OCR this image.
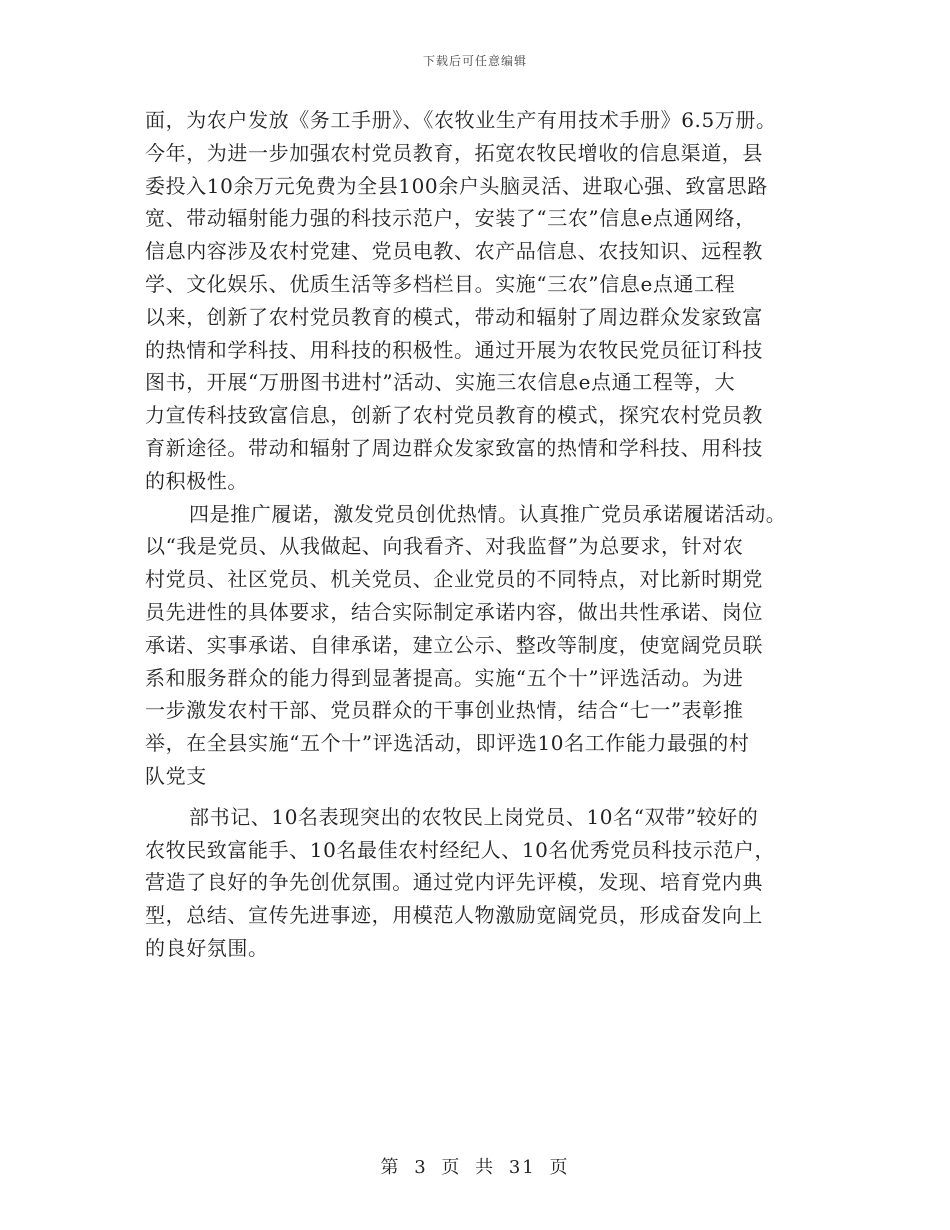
下载后可任意编辑
面，为农户发放《务工手册》、《农牧业生产有用技术手册》6.5万册。
今年，为进一步加强农村党员教育，拓宽农牧民增收的信息渠道，县
委投入10余万元免费为全县100余户头脑灵活、进取心强、致富思路
宽、带动辐射能力强的科技示范户，安装了“三农”信息e点通网络，
信息内容涉及农村党建、党员电教、农产品信息、农技知识、远程教
学、文化娱乐、优质生活等多档栏目。实施“三农”信息e点通工程
以来，创新了农村党员教育的模式，带动和辐射了周边群众发家致富
的热情和学科技、用科技的积极性。通过开展为农牧民党员征订科技
图书，开展“万册图书进村”活动、实施三农信息e点通工程等，大
力宣传科技致富信息，创新了农村党员教育的模式，探究农村党员教
育新途径。带动和辐射了周边群众发家致富的热情和学科技、用科技
的积极性。
四是推广履诺，激发党员创优热情。认真推广党员承诺履诺活动。
以“我是党员、从我做起、向我看齐、对我监督”为总要求，针对农
村党员、社区党员、机关党员、企业党员的不同特点，对比新时期党
员先进性的具体要求，结合实际制定承诺内容，做出共性承诺、岗位
承诺、实事承诺、自律承诺，建立公示、整改等制度，使宽阔党员联
系和服务群众的能力得到显著提高。实施“五个十”评选活动。为进
一步激发农村干部、党员群众的干事创业热情，结合“七一”表彰推
举，在全县实施“五个十”评选活动，即评选10名工作能力最强的村
队党支
部书记、10名表现突出的农牧民上岗党员、10名“双带”较好的
农牧民致富能手、10名最佳农村经纪人、10名优秀党员科技示范户，
营造了良好的争先创优氛围。通过党内评先评模，发现、培育党内典
型，总结、宣传先进事迹，用模范人物激励宽阔党员，形成奋发向上
的良好氛围。
第 3 页 共 31 页
